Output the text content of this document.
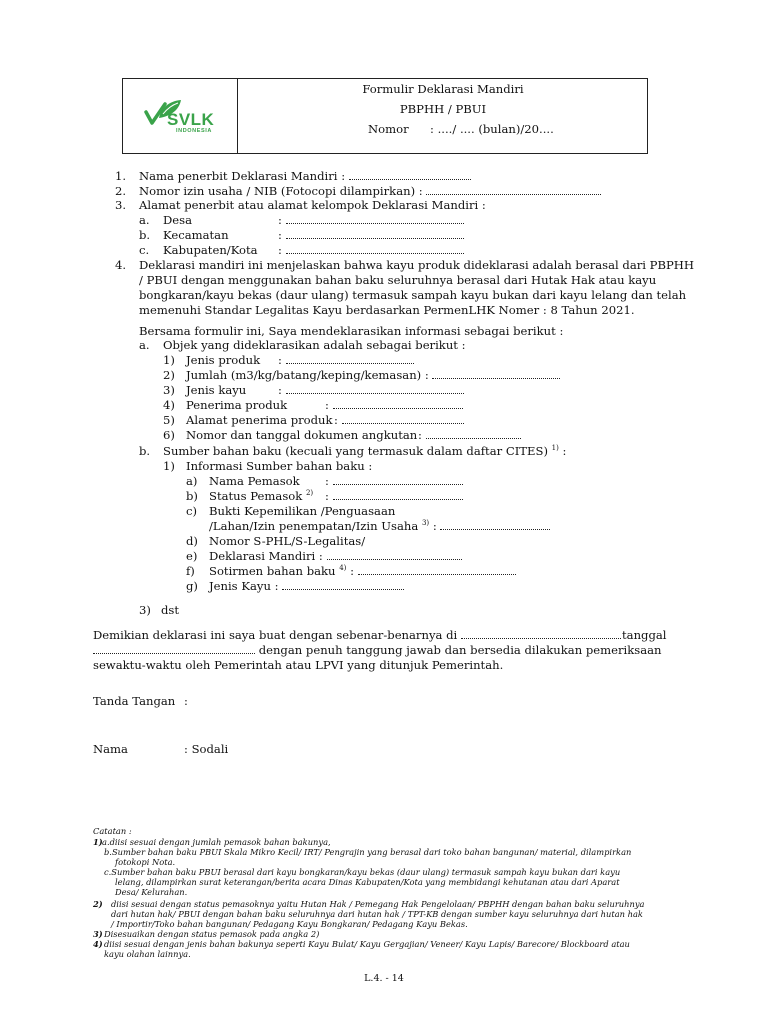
SVLK
INDONESIA
Formulir Deklarasi Mandiri
PBPHH / PBUI
Nomor : ..../ .... (bulan)/20....
1. Nama penerbit Deklarasi Mandiri :
2. Nomor izin usaha / NIB (Fotocopi dilampirkan) :
3. Alamat penerbit atau alamat kelompok Deklarasi Mandiri :
a. Desa	:
b. Kecamatan	:
c. Kabupaten/Kota :
4. Deklarasi mandiri ini menjelaskan bahwa kayu produk dideklarasi adalah berasal dari PBPHH
/ PBUI dengan menggunakan bahan baku seluruhnya berasal dari Hutak Hak atau kayu
bongkaran/kayu bekas (daur ulang) termasuk sampah kayu bukan dari kayu lelang dan telah
memenuhi Standar Legalitas Kayu berdasarkan PermenLHK Nomer : 8 Tahun 2021.
Bersama formulir ini, Saya mendeklarasikan informasi sebagai berikut :
a. Objek yang dideklarasikan adalah sebagai berikut :
1) Jenis produk :
2) Jumlah (m3/kg/batang/keping/kemasan) :
3) Jenis kayu	:
4) Penerima produk	:
5) Alamat penerima produk :
6) Nomor dan tanggal dokumen angkutan :
b. Sumber bahan baku (kecuali yang termasuk dalam daftar CITES) $^{1)}$ :
1) Informasi Sumber bahan baku :
a) Nama Pemasok :
b) Status Pemasok $^{2)}$ :
c) Bukti Kepemilikan /Penguasaan
/Lahan/Izin penempatan/Izin Usaha $^{3)}$ :
d) Nomor S-PHL/S-Legalitas/
e) Deklarasi Mandiri :
f) Sotirmen bahan baku $^{4)}$ :
g) Jenis Kayu :
3) dst
Demikian deklarasi ini saya buat dengan sebenar-benarnya di	tanggal
dengan penuh tanggung jawab dan bersedia dilakukan pemeriksaan
sewaktu-waktu oleh Pemerintah atau LPVI yang ditunjuk Pemerintah.
Tanda Tangan :
Nama	: Sodali
Catatan :
1) a.diisi sesuai dengan jumlah pemasok bahan bakunya,
b.Sumber bahan baku PBUI Skala Mikro Kecil/ IRT/ Pengrajin yang berasal dari toko bahan bangunan/ material, dilampirkan
fotokopi Nota.
c.Sumber bahan baku PBUI berasal dari kayu bongkaran/kayu bekas (daur ulang) termasuk sampah kayu bukan dari kayu
lelang, dilampirkan surat keterangan/berita acara Dinas Kabupaten/Kota yang membidangi kehutanan atau dari Aparat
Desa/ Kelurahan.
2) diisi sesuai dengan status pemasoknya yaitu Hutan Hak / Pemegang Hak Pengelolaan/ PBPHH dengan bahan baku seluruhnya
dari hutan hak/ PBUI dengan bahan baku seluruhnya dari hutan hak / TPT-KB dengan sumber kayu seluruhnya dari hutan hak
/ Importir/Toko bahan bangunan/ Pedagang Kayu Bongkaran/ Pedagang Kayu Bekas.
3) Disesuaikan dengan status pemasok pada angka 2)
4) diisi sesuai dengan jenis bahan bakunya seperti Kayu Bulat/ Kayu Gergajian/ Veneer/ Kayu Lapis/ Barecore/ Blockboard atau
kayu olahan lainnya.
L.4. - 14
